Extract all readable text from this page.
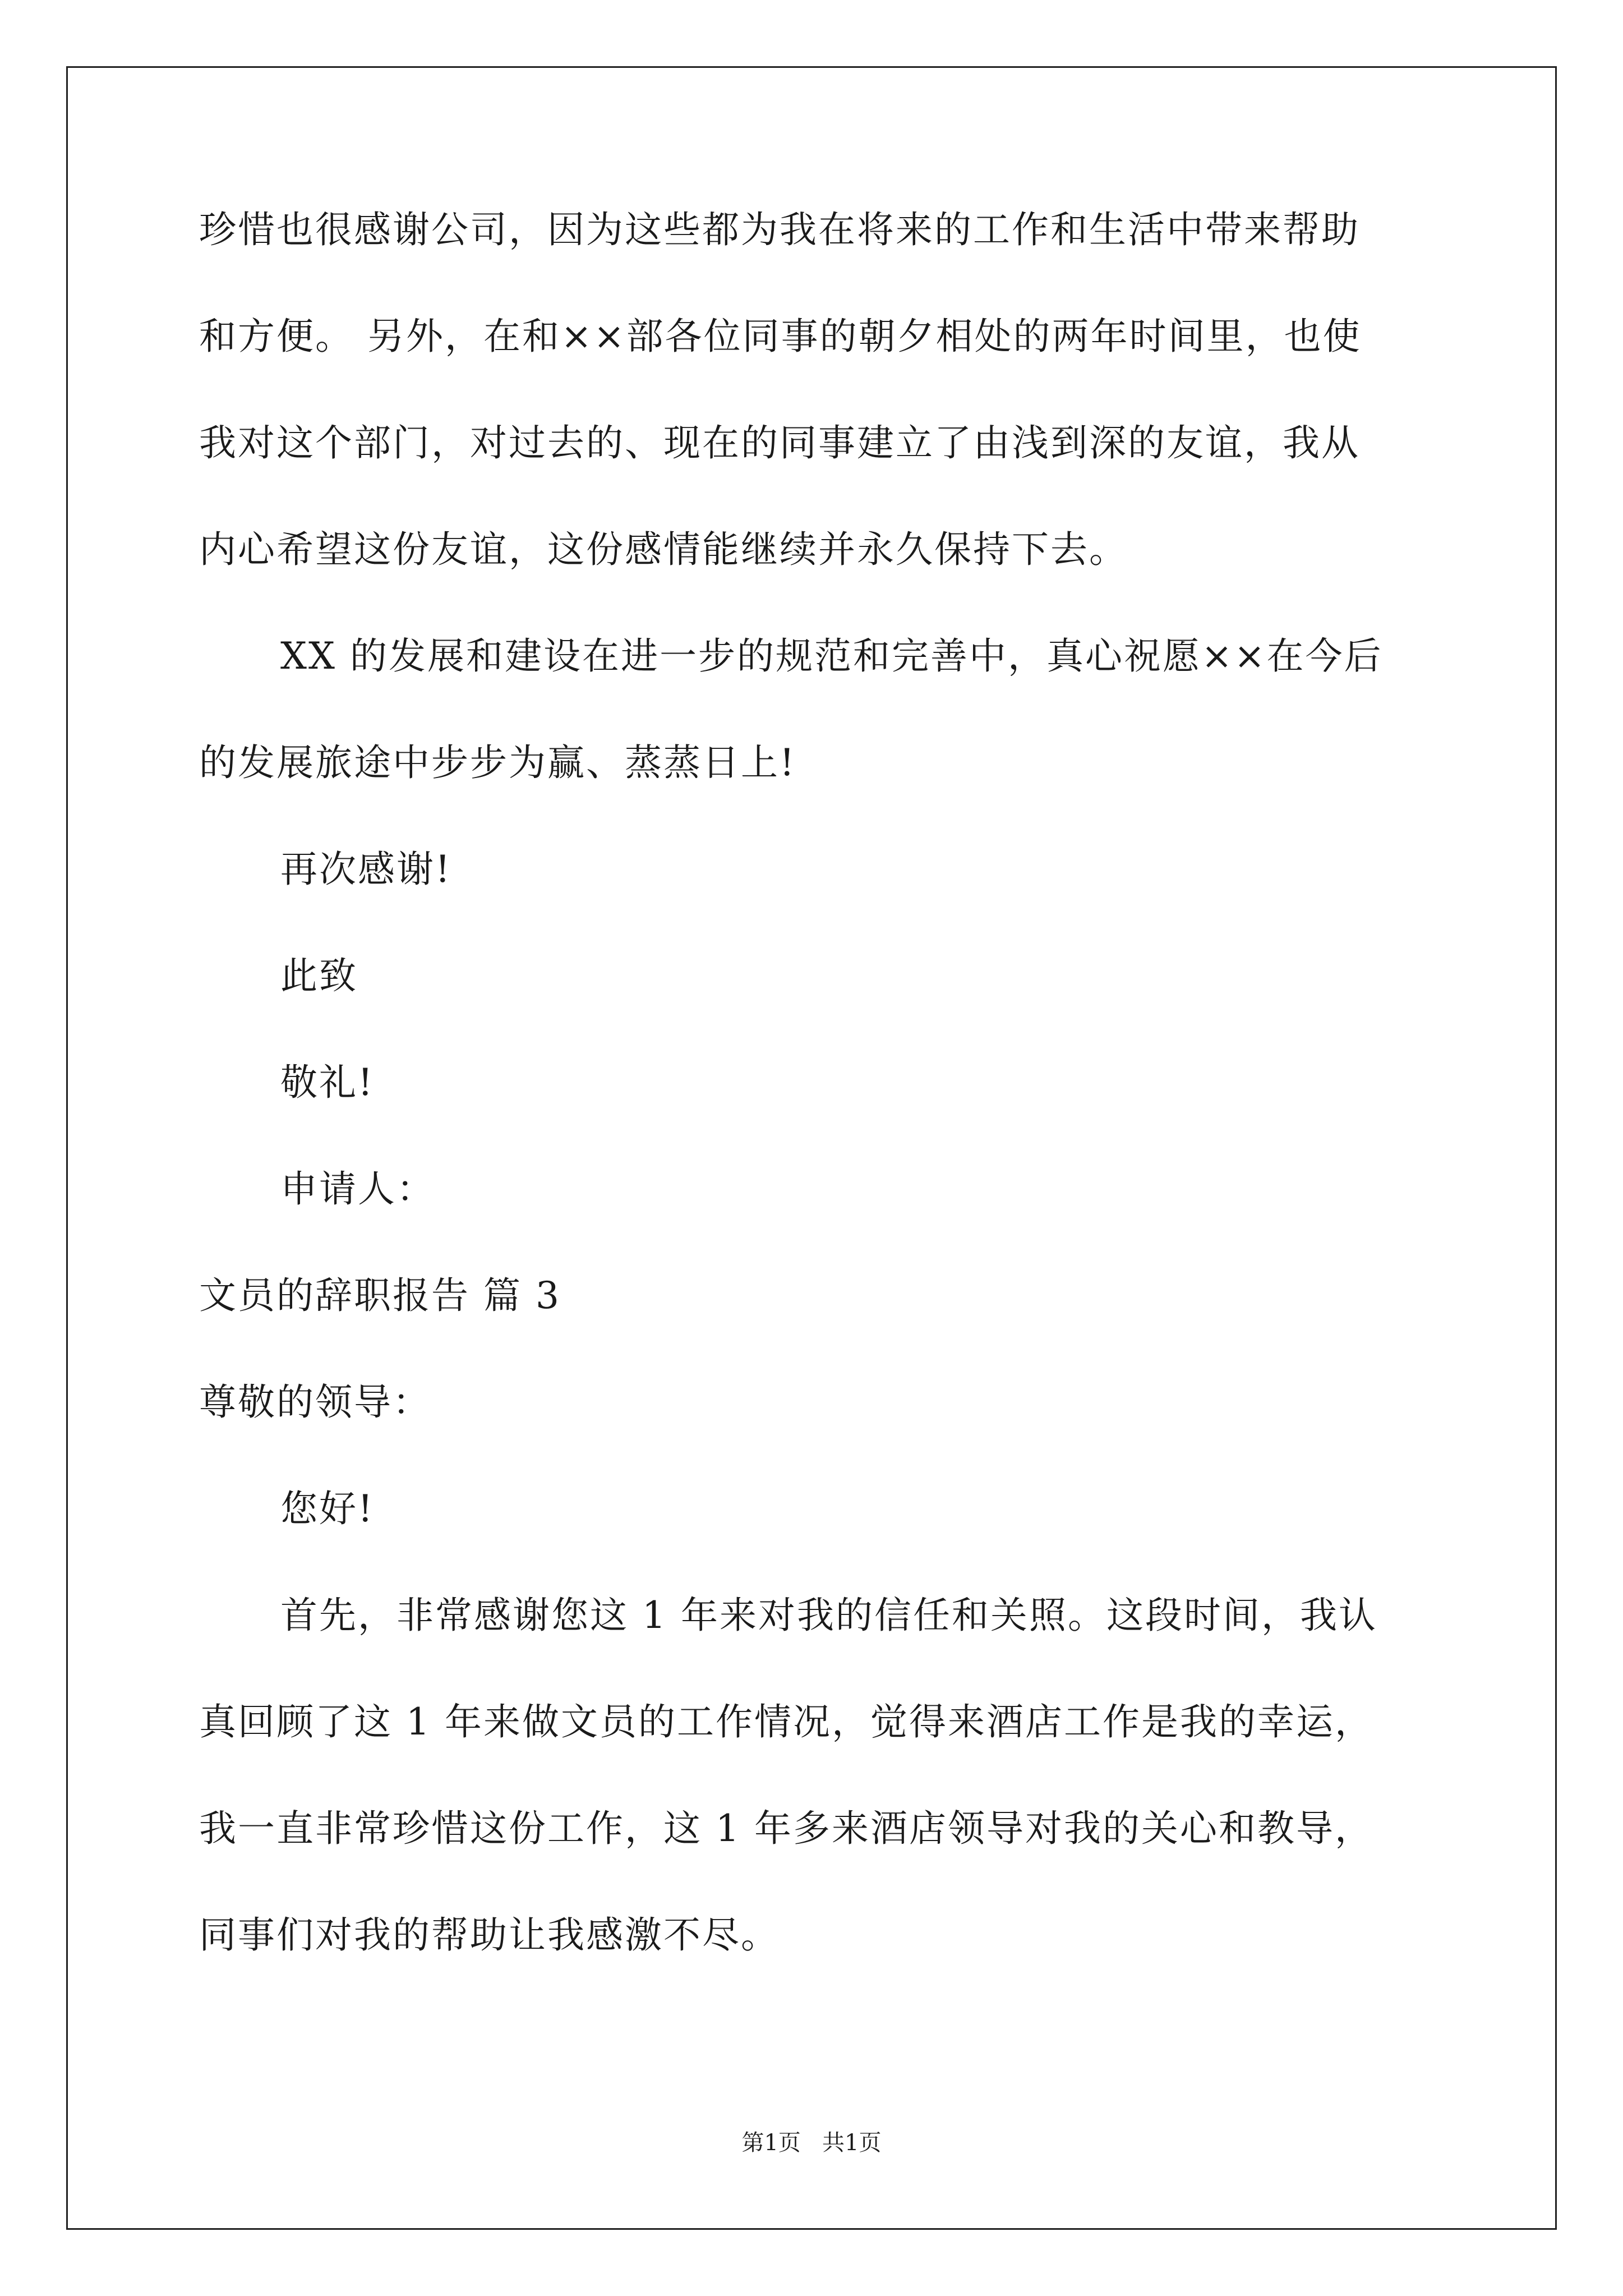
珍惜也很感谢公司，因为这些都为我在将来的工作和生活中带来帮助
和方便。 另外，在和××部各位同事的朝夕相处的两年时间里，也使
我对这个部门，对过去的、现在的同事建立了由浅到深的友谊，我从
内心希望这份友谊，这份感情能继续并永久保持下去。
XX 的发展和建设在进一步的规范和完善中，真心祝愿××在今后
的发展旅途中步步为赢、蒸蒸日上!
再次感谢!
此致
敬礼!
申请人：
文员的辞职报告 篇 3
尊敬的领导：
您好!
首先，非常感谢您这 1 年来对我的信任和关照。这段时间，我认
真回顾了这 1 年来做文员的工作情况，觉得来酒店工作是我的幸运，
我一直非常珍惜这份工作，这 1 年多来酒店领导对我的关心和教导，
同事们对我的帮助让我感激不尽。
第1页   共1页
